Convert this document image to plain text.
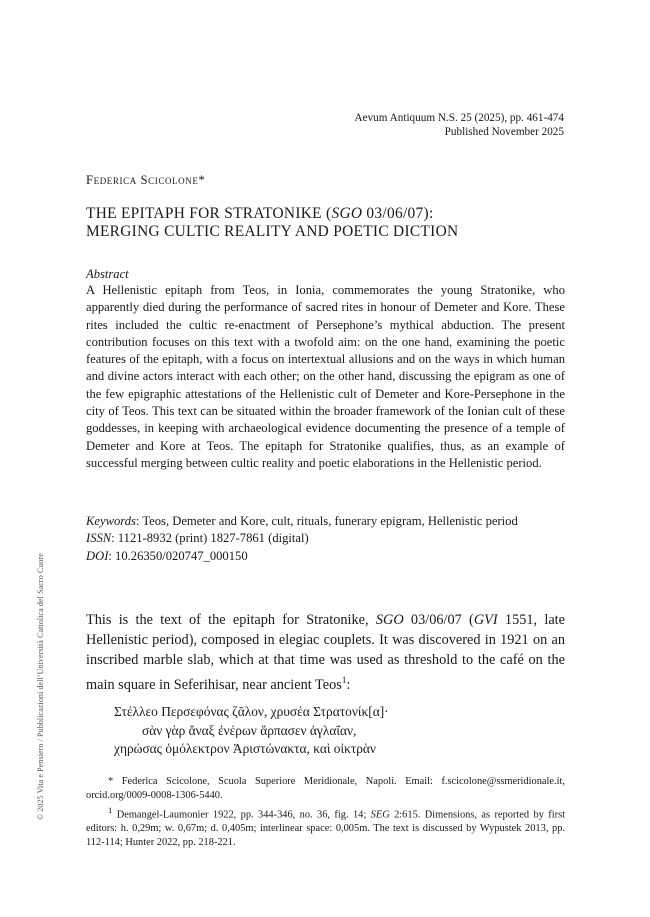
© 2025 Vita e Pensiero / Pubblicazioni dell’Università Cattolica del Sacro Cuore
Aevum Antiquum N.S. 25 (2025), pp. 461-474
Published November 2025
Federica Scicolone*
THE EPITAPH FOR STRATONIKE (SGO 03/06/07):
MERGING CULTIC REALITY AND POETIC DICTION
Abstract

A Hellenistic epitaph from Teos, in Ionia, commemorates the young Stratonike, who apparently died during the performance of sacred rites in honour of Demeter and Kore. These rites included the cultic re-enactment of Persephone’s mythical abduction. The present contribution focuses on this text with a twofold aim: on the one hand, examining the poetic features of the epitaph, with a focus on intertextual allusions and on the ways in which human and divine actors interact with each other; on the other hand, discussing the epigram as one of the few epigraphic attestations of the Hellenistic cult of Demeter and Kore-Persephone in the city of Teos. This text can be situated within the broader framework of the Ionian cult of these goddesses, in keeping with archaeological evidence documenting the presence of a temple of Demeter and Kore at Teos. The epitaph for Stratonike qualifies, thus, as an example of successful merging between cultic reality and poetic elaborations in the Hellenistic period.

Keywords: Teos, Demeter and Kore, cult, rituals, funerary epigram, Hellenistic period
ISSN: 1121-8932 (print) 1827-7861 (digital)
DOI: 10.26350/020747_000150

This is the text of the epitaph for Stratonike, SGO 03/06/07 (GVI 1551, late Hellenistic period), composed in elegiac couplets. It was discovered in 1921 on an inscribed marble slab, which at that time was used as threshold to the café on the main square in Seferihisar, near ancient Teos$^1$:

Στέλλεο Περσεφόνας ζᾶλον, χρυσέα Στρατονίκ[α]·
σὰν γὰρ ἄναξ ἐνέρων ἅρπασεν ἀγλαΐαν,
χηρώσας ὁμόλεκτρον Ἀριστώνακτα, καὶ οἰκτρὰν
* Federica Scicolone, Scuola Superiore Meridionale, Napoli. Email: f.scicolone@ssmeridionale.it, orcid.org/0009-0008-1306-5440.
$^1$ Demangel-Laumonier 1922, pp. 344-346, no. 36, fig. 14; SEG 2:615. Dimensions, as reported by first editors: h. 0,29m; w. 0,67m; d. 0,405m; interlinear space: 0,005m. The text is discussed by Wypustek 2013, pp. 112-114; Hunter 2022, pp. 218-221.
